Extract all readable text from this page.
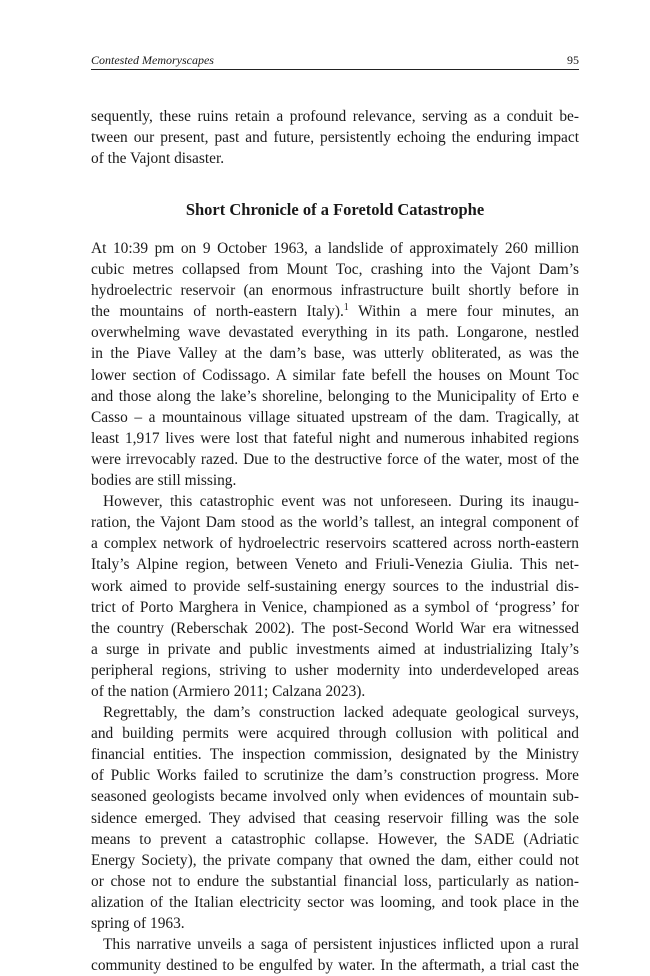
Contested Memoryscapes	95
sequently, these ruins retain a profound relevance, serving as a conduit be-
tween our present, past and future, persistently echoing the enduring impact
of the Vajont disaster.
Short Chronicle of a Foretold Catastrophe
At 10:39 pm on 9 October 1963, a landslide of approximately 260 million
cubic metres collapsed from Mount Toc, crashing into the Vajont Dam’s
hydroelectric reservoir (an enormous infrastructure built shortly before in
the mountains of north-eastern Italy).$^1$ Within a mere four minutes, an
overwhelming wave devastated everything in its path. Longarone, nestled
in the Piave Valley at the dam’s base, was utterly obliterated, as was the
lower section of Codissago. A similar fate befell the houses on Mount Toc
and those along the lake’s shoreline, belonging to the Municipality of Erto e
Casso – a mountainous village situated upstream of the dam. Tragically, at
least 1,917 lives were lost that fateful night and numerous inhabited regions
were irrevocably razed. Due to the destructive force of the water, most of the
bodies are still missing.
However, this catastrophic event was not unforeseen. During its inaugu-
ration, the Vajont Dam stood as the world’s tallest, an integral component of
a complex network of hydroelectric reservoirs scattered across north-eastern
Italy’s Alpine region, between Veneto and Friuli-Venezia Giulia. This net-
work aimed to provide self-sustaining energy sources to the industrial dis-
trict of Porto Marghera in Venice, championed as a symbol of ‘progress’ for
the country (Reberschak 2002). The post-Second World War era witnessed
a surge in private and public investments aimed at industrializing Italy’s
peripheral regions, striving to usher modernity into underdeveloped areas
of the nation (Armiero 2011; Calzana 2023).
Regrettably, the dam’s construction lacked adequate geological surveys,
and building permits were acquired through collusion with political and
financial entities. The inspection commission, designated by the Ministry
of Public Works failed to scrutinize the dam’s construction progress. More
seasoned geologists became involved only when evidences of mountain sub-
sidence emerged. They advised that ceasing reservoir filling was the sole
means to prevent a catastrophic collapse. However, the SADE (Adriatic
Energy Society), the private company that owned the dam, either could not
or chose not to endure the substantial financial loss, particularly as nation-
alization of the Italian electricity sector was looming, and took place in the
spring of 1963.
This narrative unveils a saga of persistent injustices inflicted upon a rural
community destined to be engulfed by water. In the aftermath, a trial cast the
